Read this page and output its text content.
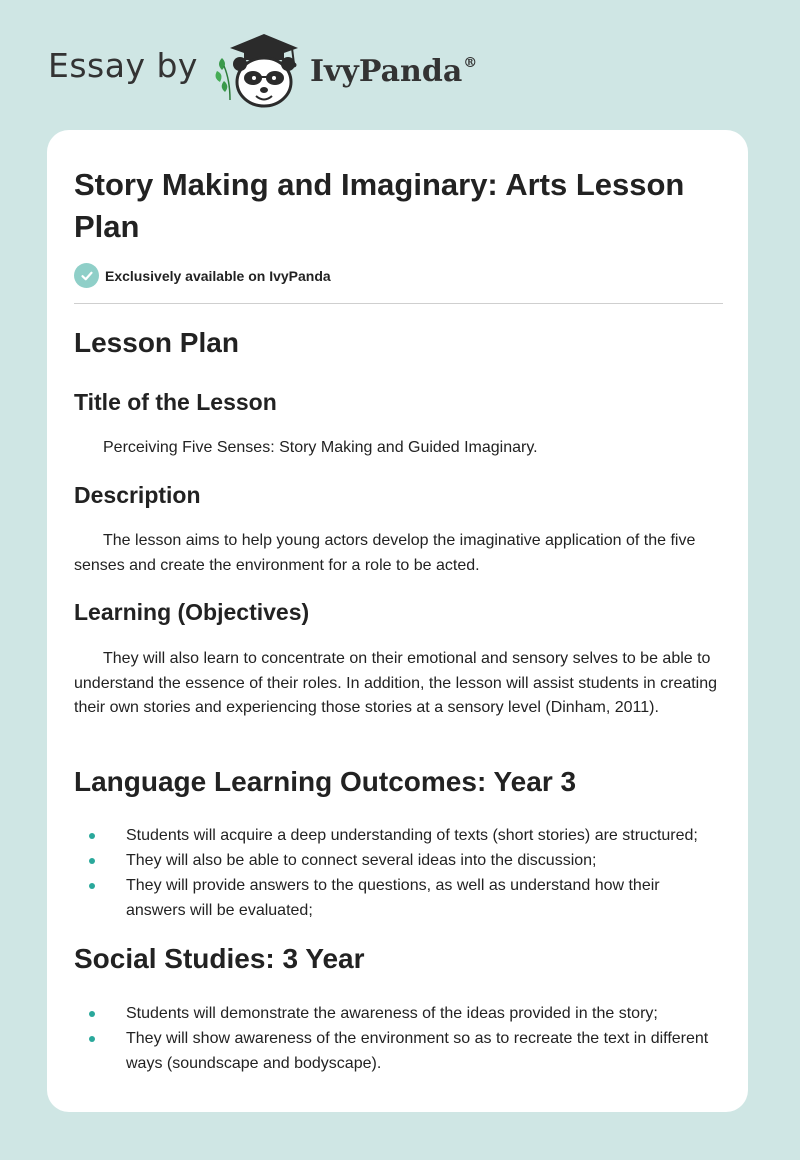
Essay by	IvyPanda®
Story Making and Imaginary: Arts Lesson Plan
Exclusively available on IvyPanda
Lesson Plan
Title of the Lesson

Perceiving Five Senses: Story Making and Guided Imaginary.

Description

The lesson aims to help young actors develop the imaginative application of the five senses and create the environment for a role to be acted.

Learning (Objectives)

They will also learn to concentrate on their emotional and sensory selves to be able to understand the essence of their roles. In addition, the lesson will assist students in creating their own stories and experiencing those stories at a sensory level (Dinham, 2011).

Language Learning Outcomes: Year 3
Students will acquire a deep understanding of texts (short stories) are structured;
They will also be able to connect several ideas into the discussion;
They will provide answers to the questions, as well as understand how their answers will be evaluated;
Social Studies: 3 Year
Students will demonstrate the awareness of the ideas provided in the story;
They will show awareness of the environment so as to recreate the text in different ways (soundscape and bodyscape).
